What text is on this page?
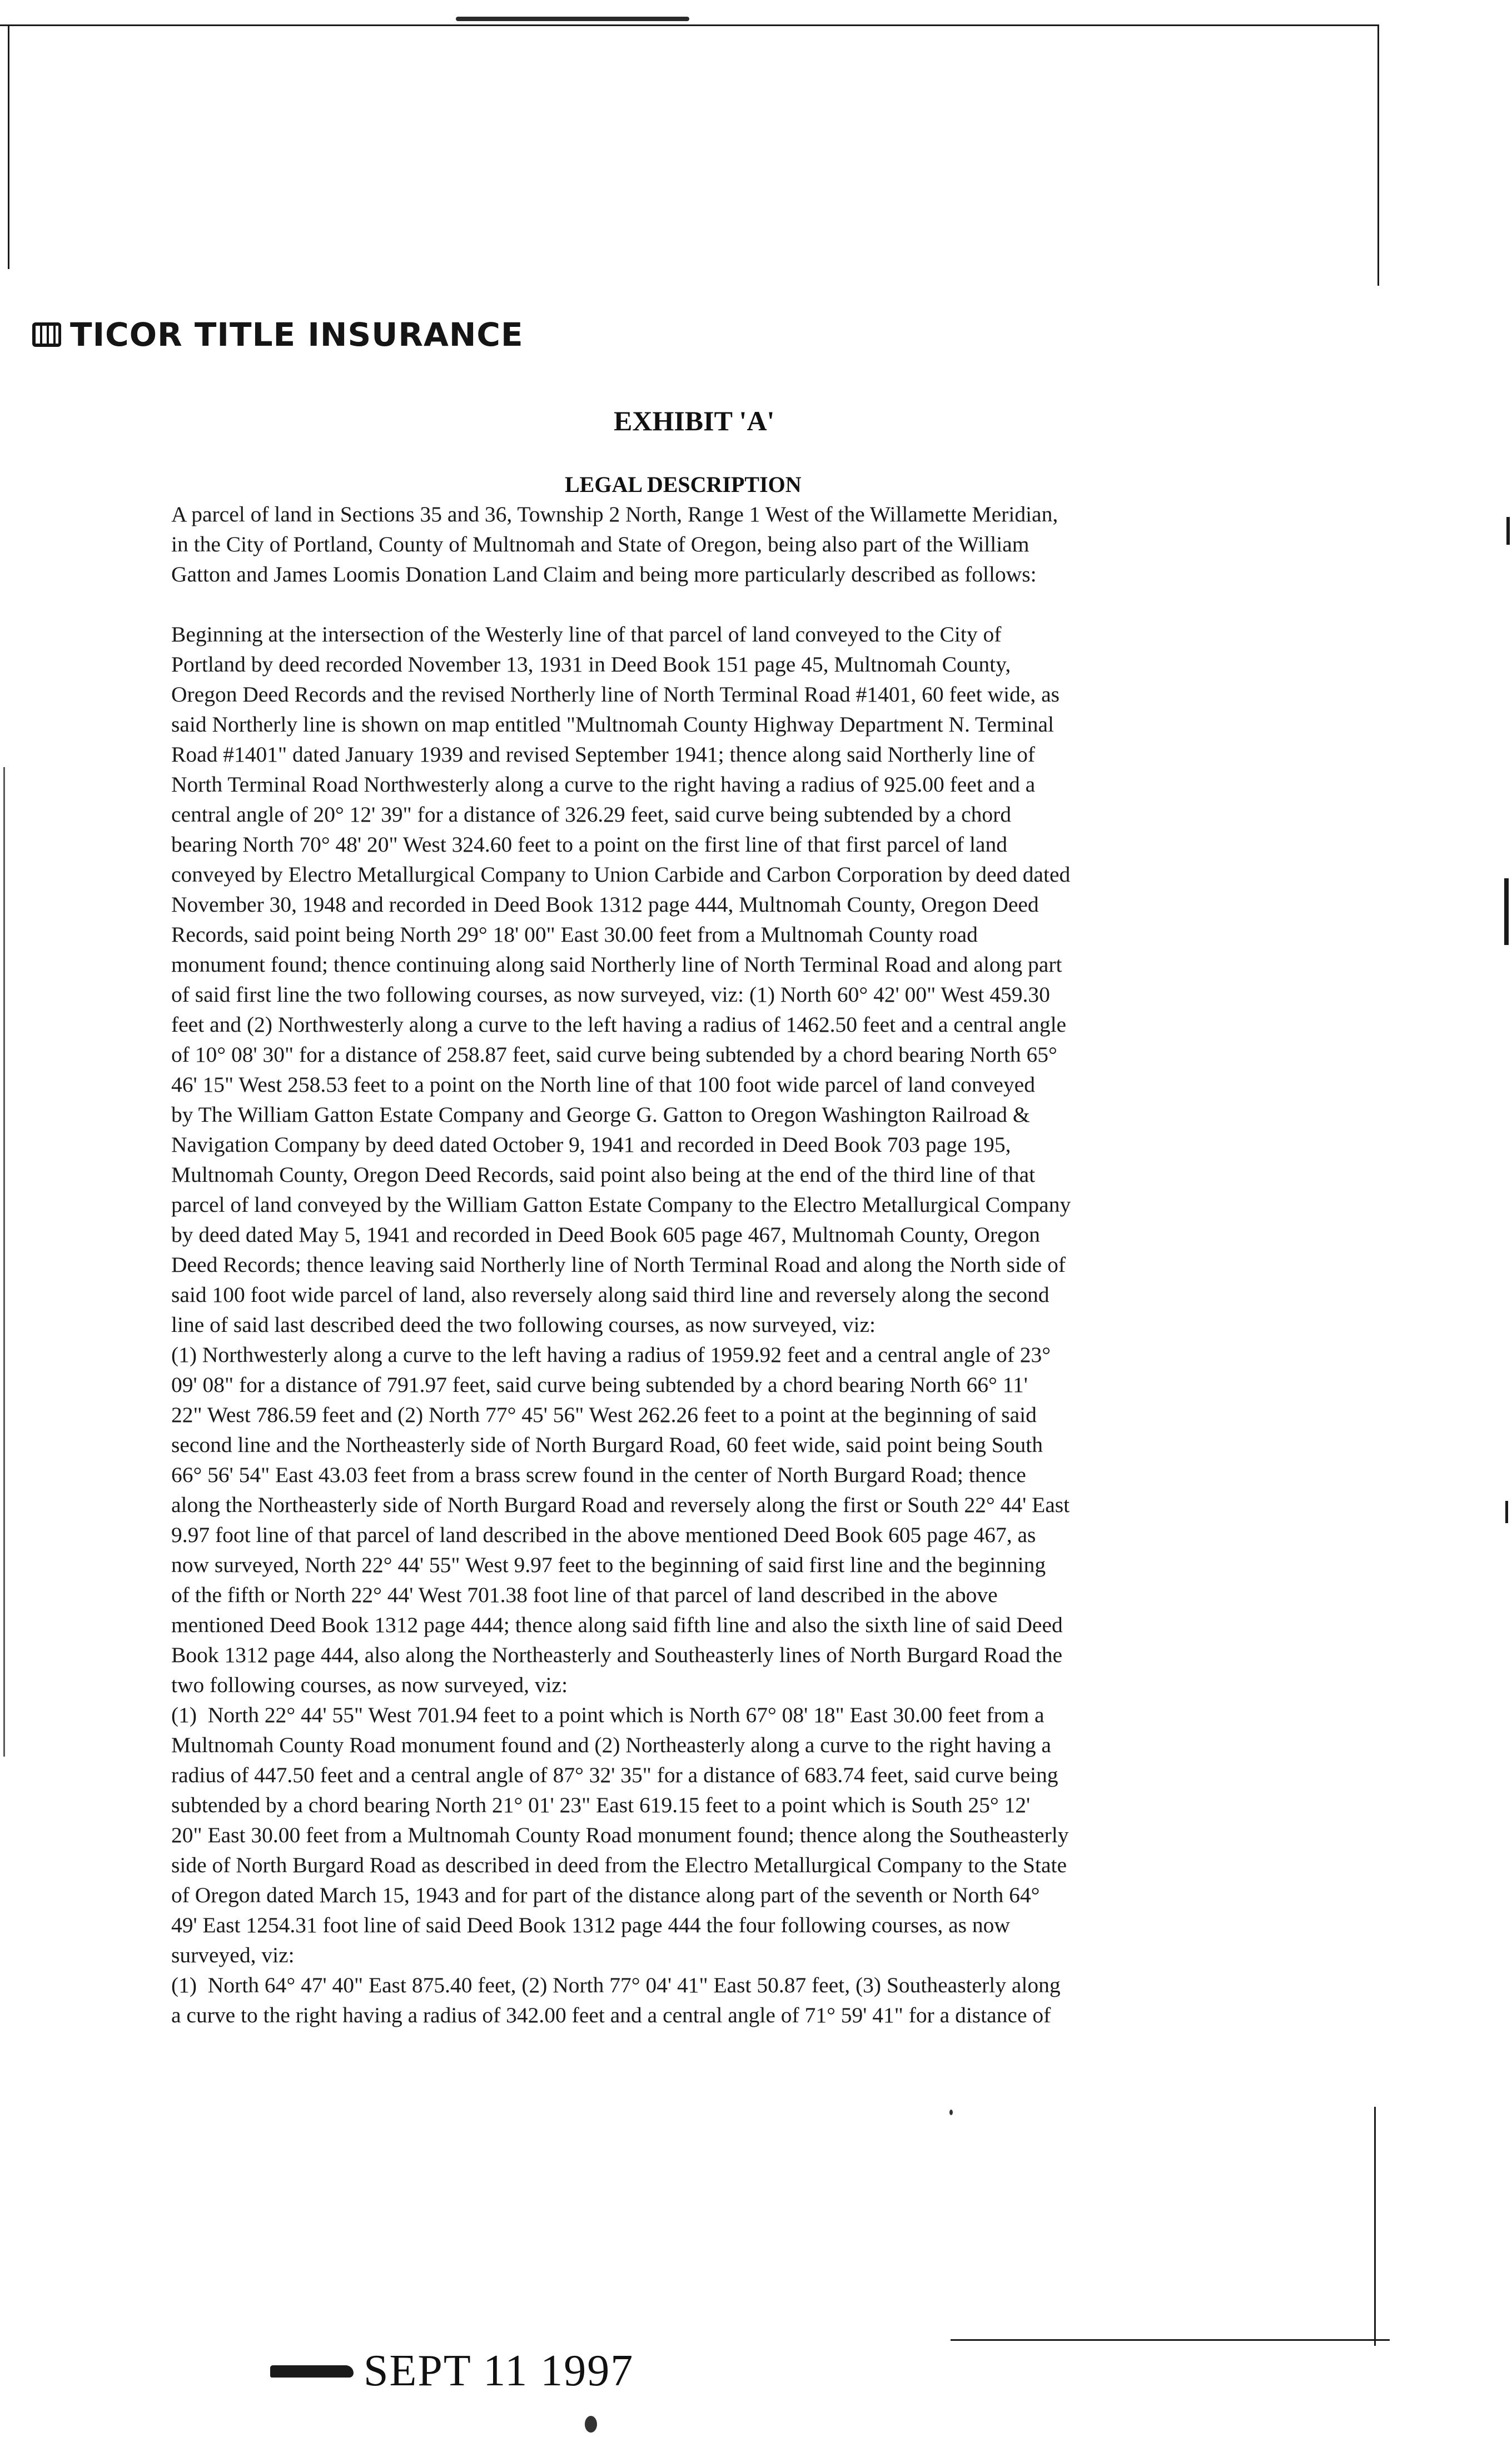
TICOR TITLE INSURANCE
EXHIBIT 'A'
LEGAL DESCRIPTION

A parcel of land in Sections 35 and 36, Township 2 North, Range 1 West of the Willamette Meridian,

in the City of Portland, County of Multnomah and State of Oregon, being also part of the William

Gatton and James Loomis Donation Land Claim and being more particularly described as follows:

Beginning at the intersection of the Westerly line of that parcel of land conveyed to the City of

Portland by deed recorded November 13, 1931 in Deed Book 151 page 45, Multnomah County,

Oregon Deed Records and the revised Northerly line of North Terminal Road #1401, 60 feet wide, as

said Northerly line is shown on map entitled "Multnomah County Highway Department N. Terminal

Road #1401" dated January 1939 and revised September 1941; thence along said Northerly line of

North Terminal Road Northwesterly along a curve to the right having a radius of 925.00 feet and a

central angle of 20° 12' 39" for a distance of 326.29 feet, said curve being subtended by a chord

bearing North 70° 48' 20" West 324.60 feet to a point on the first line of that first parcel of land

conveyed by Electro Metallurgical Company to Union Carbide and Carbon Corporation by deed dated

November 30, 1948 and recorded in Deed Book 1312 page 444, Multnomah County, Oregon Deed

Records, said point being North 29° 18' 00" East 30.00 feet from a Multnomah County road

monument found; thence continuing along said Northerly line of North Terminal Road and along part

of said first line the two following courses, as now surveyed, viz: (1) North 60° 42' 00" West 459.30

feet and (2) Northwesterly along a curve to the left having a radius of 1462.50 feet and a central angle

of 10° 08' 30" for a distance of 258.87 feet, said curve being subtended by a chord bearing North 65°

46' 15" West 258.53 feet to a point on the North line of that 100 foot wide parcel of land conveyed

by The William Gatton Estate Company and George G. Gatton to Oregon Washington Railroad &

Navigation Company by deed dated October 9, 1941 and recorded in Deed Book 703 page 195,

Multnomah County, Oregon Deed Records, said point also being at the end of the third line of that

parcel of land conveyed by the William Gatton Estate Company to the Electro Metallurgical Company

by deed dated May 5, 1941 and recorded in Deed Book 605 page 467, Multnomah County, Oregon

Deed Records; thence leaving said Northerly line of North Terminal Road and along the North side of

said 100 foot wide parcel of land, also reversely along said third line and reversely along the second

line of said last described deed the two following courses, as now surveyed, viz:

(1) Northwesterly along a curve to the left having a radius of 1959.92 feet and a central angle of 23°

09' 08" for a distance of 791.97 feet, said curve being subtended by a chord bearing North 66° 11'

22" West 786.59 feet and (2) North 77° 45' 56" West 262.26 feet to a point at the beginning of said

second line and the Northeasterly side of North Burgard Road, 60 feet wide, said point being South

66° 56' 54" East 43.03 feet from a brass screw found in the center of North Burgard Road; thence

along the Northeasterly side of North Burgard Road and reversely along the first or South 22° 44' East

9.97 foot line of that parcel of land described in the above mentioned Deed Book 605 page 467, as

now surveyed, North 22° 44' 55" West 9.97 feet to the beginning of said first line and the beginning

of the fifth or North 22° 44' West 701.38 foot line of that parcel of land described in the above

mentioned Deed Book 1312 page 444; thence along said fifth line and also the sixth line of said Deed

Book 1312 page 444, also along the Northeasterly and Southeasterly lines of North Burgard Road the

two following courses, as now surveyed, viz:

(1)  North 22° 44' 55" West 701.94 feet to a point which is North 67° 08' 18" East 30.00 feet from a

Multnomah County Road monument found and (2) Northeasterly along a curve to the right having a

radius of 447.50 feet and a central angle of 87° 32' 35" for a distance of 683.74 feet, said curve being

subtended by a chord bearing North 21° 01' 23" East 619.15 feet to a point which is South 25° 12'

20" East 30.00 feet from a Multnomah County Road monument found; thence along the Southeasterly

side of North Burgard Road as described in deed from the Electro Metallurgical Company to the State

of Oregon dated March 15, 1943 and for part of the distance along part of the seventh or North 64°

49' East 1254.31 foot line of said Deed Book 1312 page 444 the four following courses, as now

surveyed, viz:

(1)  North 64° 47' 40" East 875.40 feet, (2) North 77° 04' 41" East 50.87 feet, (3) Southeasterly along

a curve to the right having a radius of 342.00 feet and a central angle of 71° 59' 41" for a distance of

SEPT 11 1997
